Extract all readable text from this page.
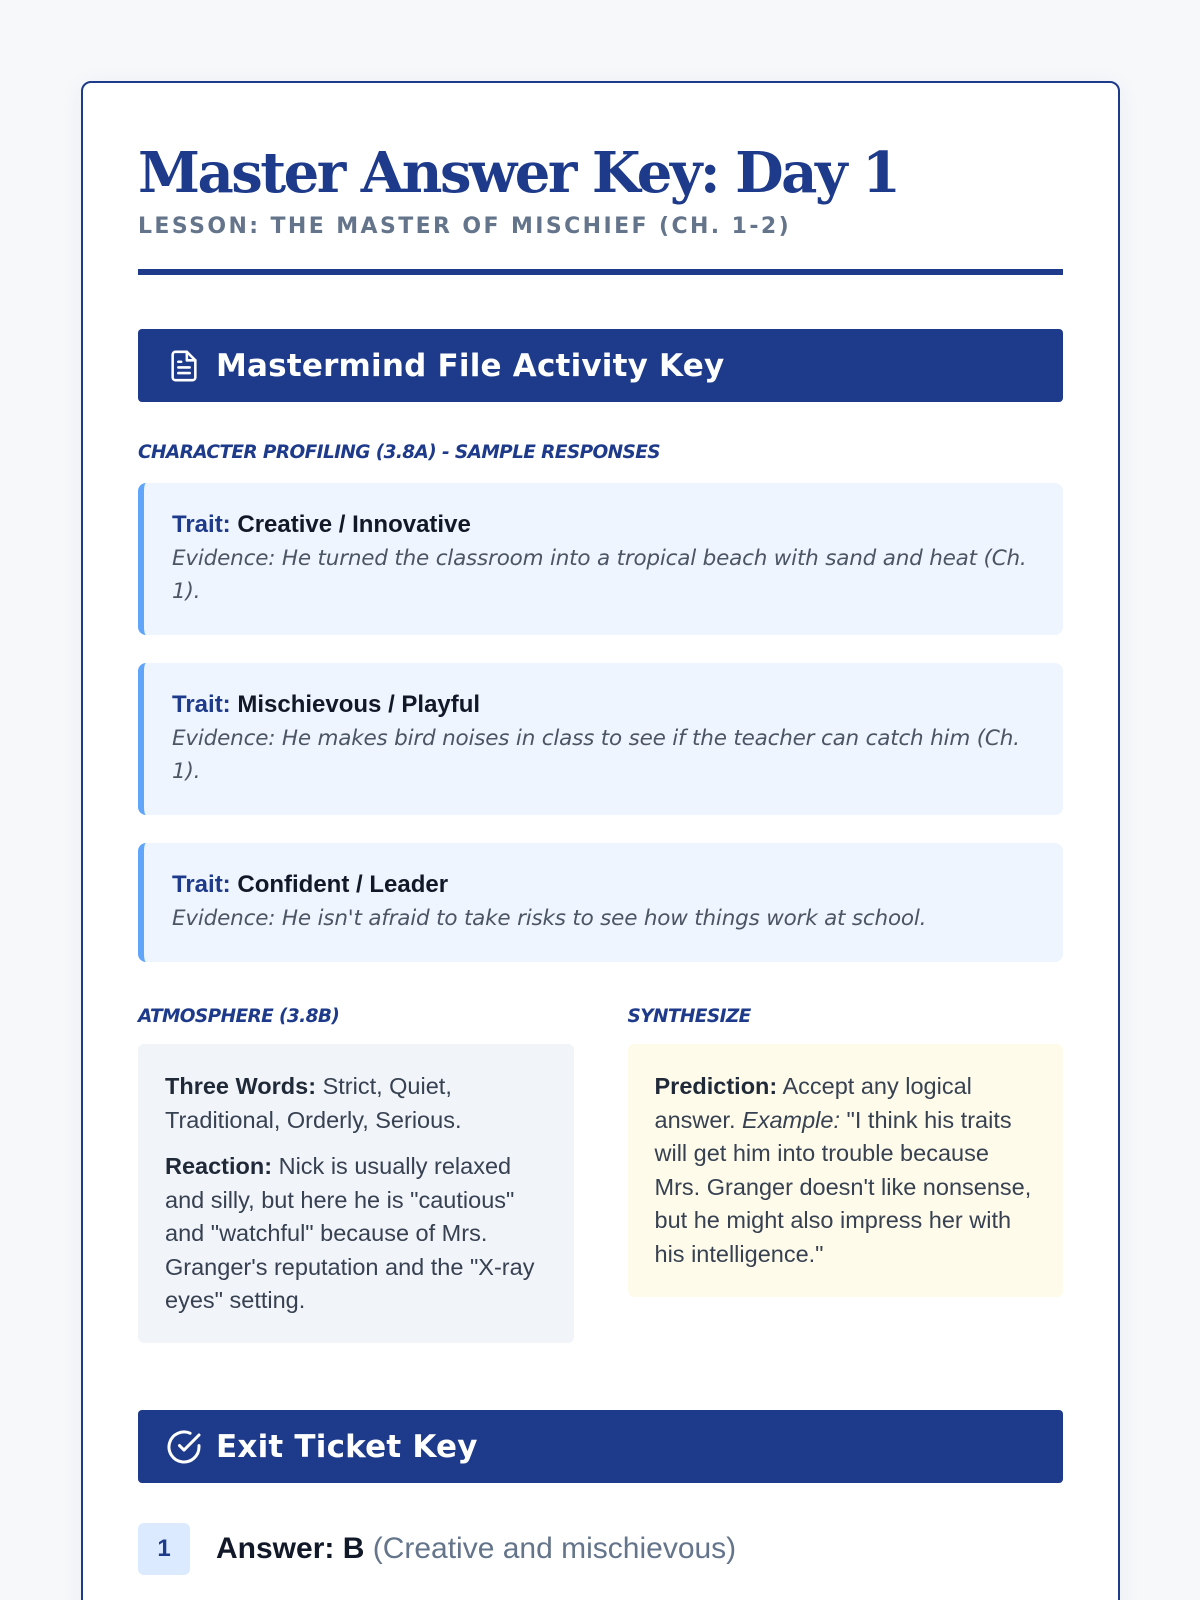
Master Answer Key: Day 1
LESSON: THE MASTER OF MISCHIEF (CH. 1-2)
Mastermind File Activity Key
CHARACTER PROFILING (3.8A) - SAMPLE RESPONSES
Trait: Creative / Innovative
Evidence: He turned the classroom into a tropical beach with sand and heat (Ch. 1).
Trait: Mischievous / Playful
Evidence: He makes bird noises in class to see if the teacher can catch him (Ch. 1).
Trait: Confident / Leader
Evidence: He isn't afraid to take risks to see how things work at school.
ATMOSPHERE (3.8B)

Three Words: Strict, Quiet, Traditional, Orderly, Serious.

Reaction: Nick is usually relaxed and silly, but here he is "cautious" and "watchful" because of Mrs. Granger's reputation and the "X-ray eyes" setting.

SYNTHESIZE

Prediction: Accept any logical answer. Example: "I think his traits will get him into trouble because Mrs. Granger doesn't like nonsense, but he might also impress her with his intelligence."

Exit Ticket Key
1	Answer: B (Creative and mischievous)
